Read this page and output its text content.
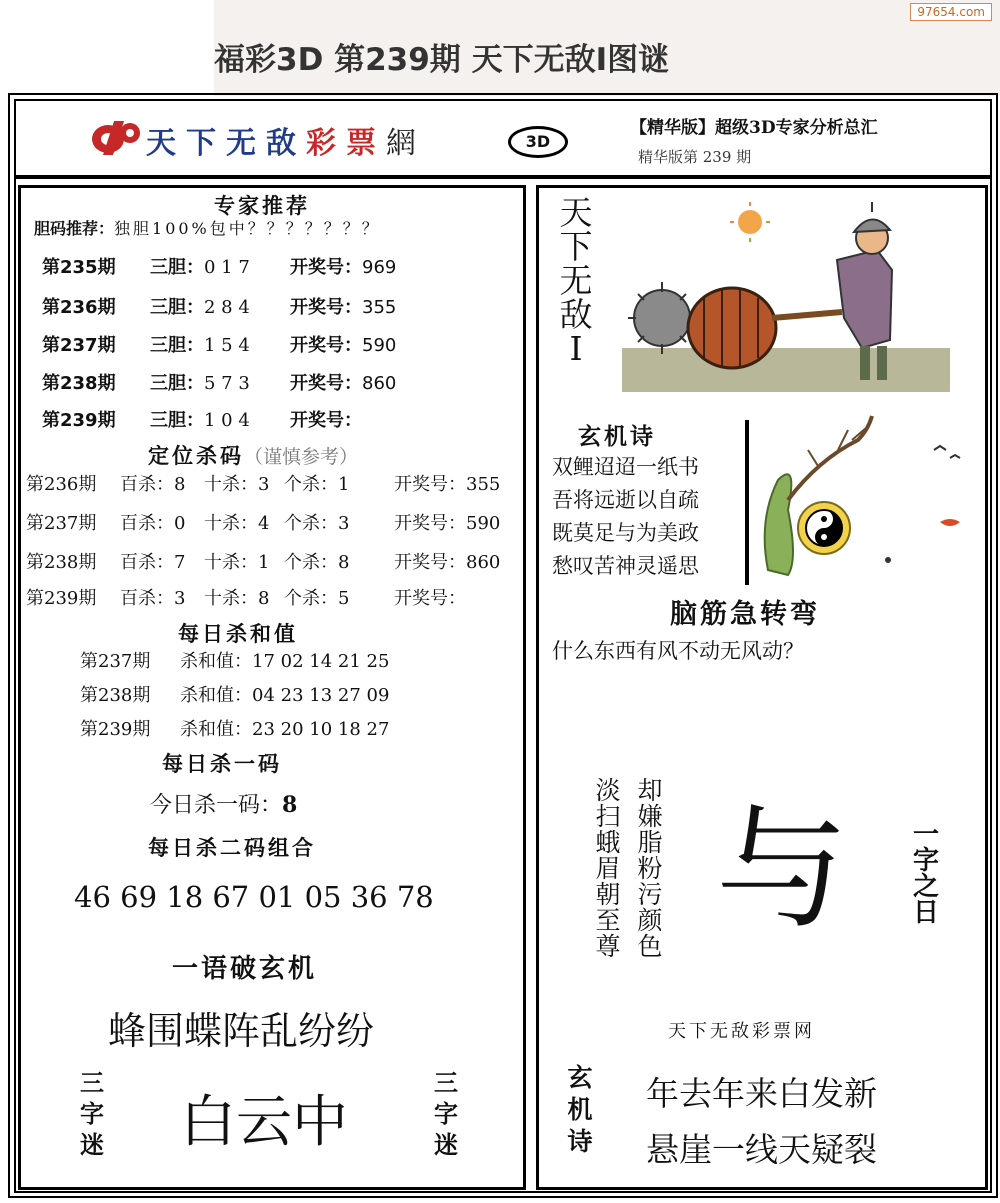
97654.com
福彩3D 第239期 天下无敌Ⅰ图谜
天下无敌彩票網	3D
【精华版】超级3D专家分析总汇
精华版第 239 期
专家推荐
胆码推荐：独胆100%包中？？？？？？？
第235期 三胆：0 1 7 开奖号：969
第236期 三胆：2 8 4 开奖号：355
第237期 三胆：1 5 4 开奖号：590
第238期 三胆：5 7 3 开奖号：860
第239期 三胆：1 0 4 开奖号：
定位杀码（谨慎参考）
第236期 百杀：8 十杀：3 个杀：1 开奖号：355
第237期 百杀：0 十杀：4 个杀：3 开奖号：590
第238期 百杀：7 十杀：1 个杀：8 开奖号：860
第239期 百杀：3 十杀：8 个杀：5 开奖号：
每日杀和值
第237期 杀和值：17 02 14 21 25
第238期 杀和值：04 23 13 27 09
第239期 杀和值：23 20 10 18 27
每日杀一码
今日杀一码：8
每日杀二码组合
46 69 18 67 01 05 36 78
一语破玄机
蜂围蝶阵乱纷纷
三
字
迷 白云中
三
字
迷
天
下
无
敌
Ⅰ
玄机诗
双鲤迢迢一纸书
吾将远逝以自疏
既莫足与为美政
愁叹苦神灵遥思
脑筋急转弯
什么东西有风不动无风动？
却
嫌
脂
粉
污
颜
色
淡
扫
蛾
眉
朝
至
尊 与	一
字
之
日
天下无敌彩票网
玄
机
诗
年去年来白发新
悬崖一线天疑裂
